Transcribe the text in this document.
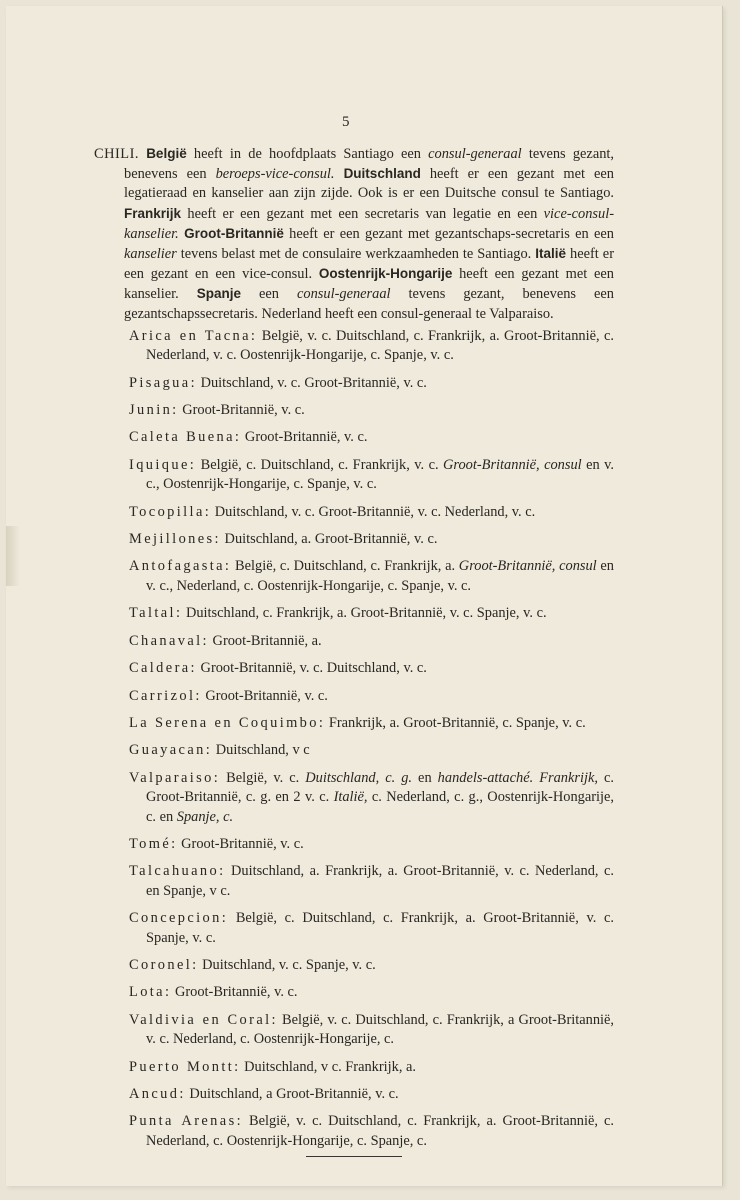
5

CHILI. België heeft in de hoofdplaats Santiago een consul-generaal tevens gezant, benevens een beroeps-vice-consul. Duitschland heeft er een gezant met een legatieraad en kanselier aan zijn zijde. Ook is er een Duitsche consul te Santiago. Frankrijk heeft er een gezant met een secretaris van legatie en een vice-consul-kanselier. Groot-Britannië heeft er een gezant met gezantschaps-secretaris en een kanselier tevens belast met de consulaire werkzaamheden te Santiago. Italië heeft er een gezant en een vice-consul. Oostenrijk-Hongarije heeft een gezant met een kanselier. Spanje een consul-generaal tevens gezant, benevens een gezantschapssecretaris. Nederland heeft een consul-generaal te Valparaiso.

Arica en Tacna: België, v. c. Duitschland, c. Frankrijk, a. Groot-Britannië, c. Nederland, v. c. Oostenrijk-Hongarije, c. Spanje, v. c.

Pisagua: Duitschland, v. c. Groot-Britannië, v. c.

Junin: Groot-Britannië, v. c.

Caleta Buena: Groot-Britannië, v. c.

Iquique: België, c. Duitschland, c. Frankrijk, v. c. Groot-Britannië, consul en v. c., Oostenrijk-Hongarije, c. Spanje, v. c.

Tocopilla: Duitschland, v. c. Groot-Britannië, v. c. Nederland, v. c.

Mejillones: Duitschland, a. Groot-Britannië, v. c.

Antofagasta: België, c. Duitschland, c. Frankrijk, a. Groot-Britannië, consul en v. c., Nederland, c. Oostenrijk-Hongarije, c. Spanje, v. c.

Taltal: Duitschland, c. Frankrijk, a. Groot-Britannië, v. c. Spanje, v. c.

Chanaval: Groot-Britannië, a.

Caldera: Groot-Britannië, v. c. Duitschland, v. c.

Carrizol: Groot-Britannië, v. c.

La Serena en Coquimbo: Frankrijk, a. Groot-Britannië, c. Spanje, v. c.

Guayacan: Duitschland, v c

Valparaiso: België, v. c. Duitschland, c. g. en handels-attaché. Frankrijk, c. Groot-Britannië, c. g. en 2 v. c. Italië, c. Nederland, c. g., Oostenrijk-Hongarije, c. en Spanje, c.

Tomé: Groot-Britannië, v. c.

Talcahuano: Duitschland, a. Frankrijk, a. Groot-Britannië, v. c. Nederland, c. en Spanje, v c.

Concepcion: België, c. Duitschland, c. Frankrijk, a. Groot-Britannië, v. c. Spanje, v. c.

Coronel: Duitschland, v. c. Spanje, v. c.

Lota: Groot-Britannië, v. c.

Valdivia en Coral: België, v. c. Duitschland, c. Frankrijk, a Groot-Britannië, v. c. Nederland, c. Oostenrijk-Hongarije, c.

Puerto Montt: Duitschland, v c. Frankrijk, a.

Ancud: Duitschland, a Groot-Britannië, v. c.

Punta Arenas: België, v. c. Duitschland, c. Frankrijk, a. Groot-Britannië, c. Nederland, c. Oostenrijk-Hongarije, c. Spanje, c.
